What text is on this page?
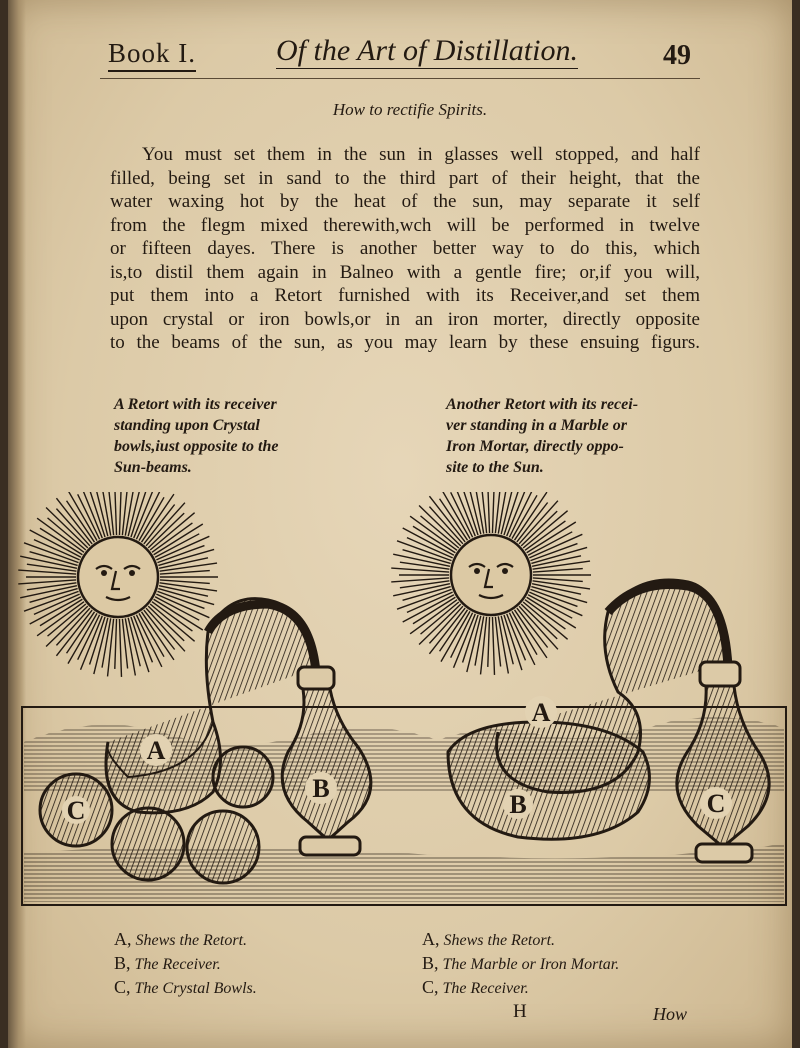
Book I.	Of the Art of Distillation.	49
How to rectifie Spirits.
You must set them in the sun in glasses well stopped, and half
filled, being set in sand to the third part of their height, that the
water waxing hot by the heat of the sun, may separate it self
from the flegm mixed therewith,wch will be performed in twelve
or fifteen dayes. There is another better way to do this, which
is,to distil them again in Balneo with a gentle fire; or,if you will,
put them into a Retort furnished with its Receiver,and set them
upon crystal or iron bowls,or in an iron morter, directly opposite
to the beams of the sun, as you may learn by these ensuing figurs.
A Retort with its receiver
standing upon Crystal
bowls,iust opposite to the
Sun-beams.
Another Retort with its recei-
ver standing in a Marble or
Iron Mortar, directly oppo-
site to the Sun.
A
B
C
A
B	C
A, Shews the Retort.
B, The Receiver.
C, The Crystal Bowls.
A, Shews the Retort.
B, The Marble or Iron Mortar.
C, The Receiver.
H	How
